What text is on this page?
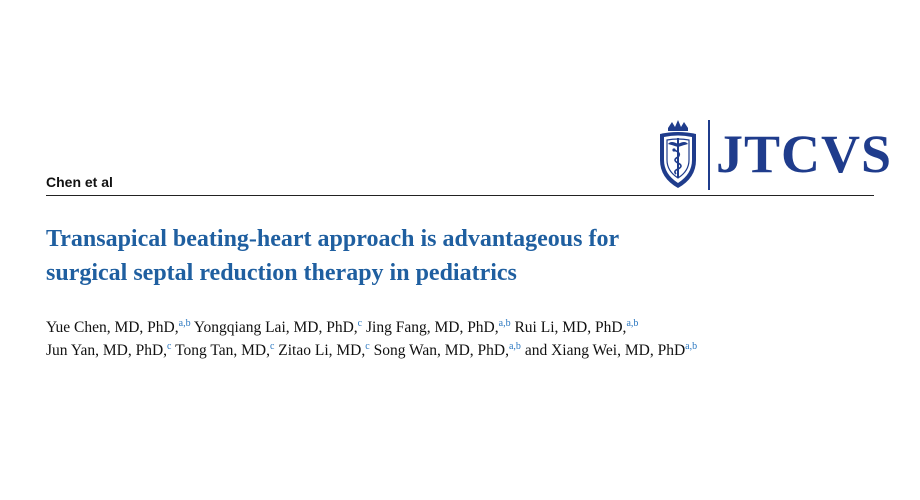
Chen et al	JTCVS
Transapical beating-heart approach is advantageous for
surgical septal reduction therapy in pediatrics
Yue Chen, MD, PhD,$^{a,b}$ Yongqiang Lai, MD, PhD,$^c$ Jing Fang, MD, PhD,$^{a,b}$ Rui Li, MD, PhD,$^{a,b}$
Jun Yan, MD, PhD,$^c$ Tong Tan, MD,$^c$ Zitao Li, MD,$^c$ Song Wan, MD, PhD,$^{a,b}$ and Xiang Wei, MD, PhD$^{a,b}$
